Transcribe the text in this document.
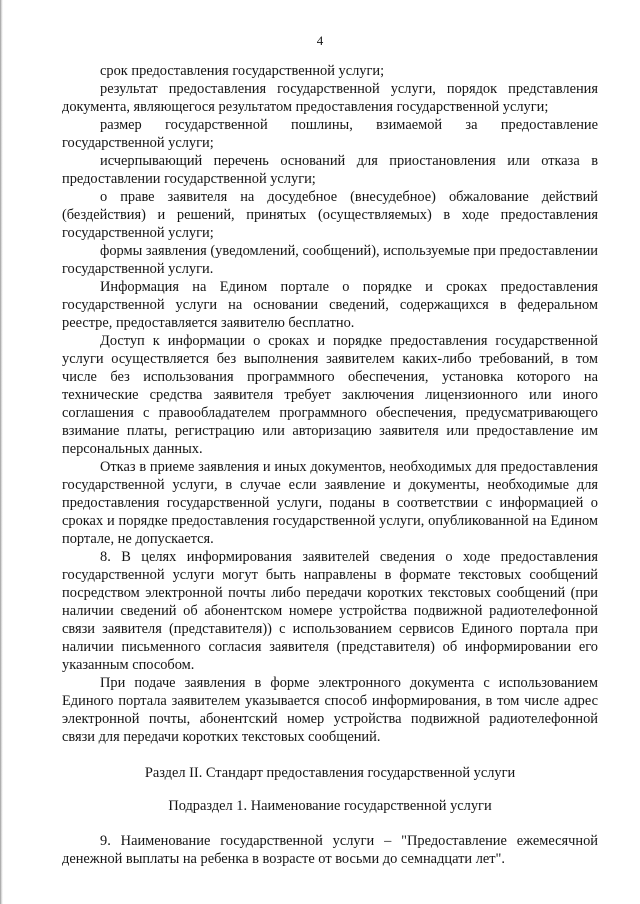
4

срок предоставления государственной услуги;

результат предоставления государственной услуги, порядок представления документа, являющегося результатом предоставления государственной услуги;

размер государственной пошлины, взимаемой за предоставление государственной услуги;

исчерпывающий перечень оснований для приостановления или отказа в предоставлении государственной услуги;

о праве заявителя на досудебное (внесудебное) обжалование действий (бездействия) и решений, принятых (осуществляемых) в ходе предоставления государственной услуги;

формы заявления (уведомлений, сообщений), используемые при предоставлении государственной услуги.

Информация на Едином портале о порядке и сроках предоставления государственной услуги на основании сведений, содержащихся в федеральном реестре, предоставляется заявителю бесплатно.

Доступ к информации о сроках и порядке предоставления государственной услуги осуществляется без выполнения заявителем каких-либо требований, в том числе без использования программного обеспечения, установка которого на технические средства заявителя требует заключения лицензионного или иного соглашения с правообладателем программного обеспечения, предусматривающего взимание платы, регистрацию или авторизацию заявителя или предоставление им персональных данных.

Отказ в приеме заявления и иных документов, необходимых для предоставления государственной услуги, в случае если заявление и документы, необходимые для предоставления государственной услуги, поданы в соответствии с информацией о сроках и порядке предоставления государственной услуги, опубликованной на Едином портале, не допускается.

8. В целях информирования заявителей сведения о ходе предоставления государственной услуги могут быть направлены в формате текстовых сообщений посредством электронной почты либо передачи коротких текстовых сообщений (при наличии сведений об абонентском номере устройства подвижной радиотелефонной связи заявителя (представителя)) с использованием сервисов Единого портала при наличии письменного согласия заявителя (представителя) об информировании его указанным способом.

При подаче заявления в форме электронного документа с использованием Единого портала заявителем указывается способ информирования, в том числе адрес электронной почты, абонентский номер устройства подвижной радиотелефонной связи для передачи коротких текстовых сообщений.

Раздел II. Стандарт предоставления государственной услуги

Подраздел 1. Наименование государственной услуги

9. Наименование государственной услуги – "Предоставление ежемесячной денежной выплаты на ребенка в возрасте от восьми до семнадцати лет".
